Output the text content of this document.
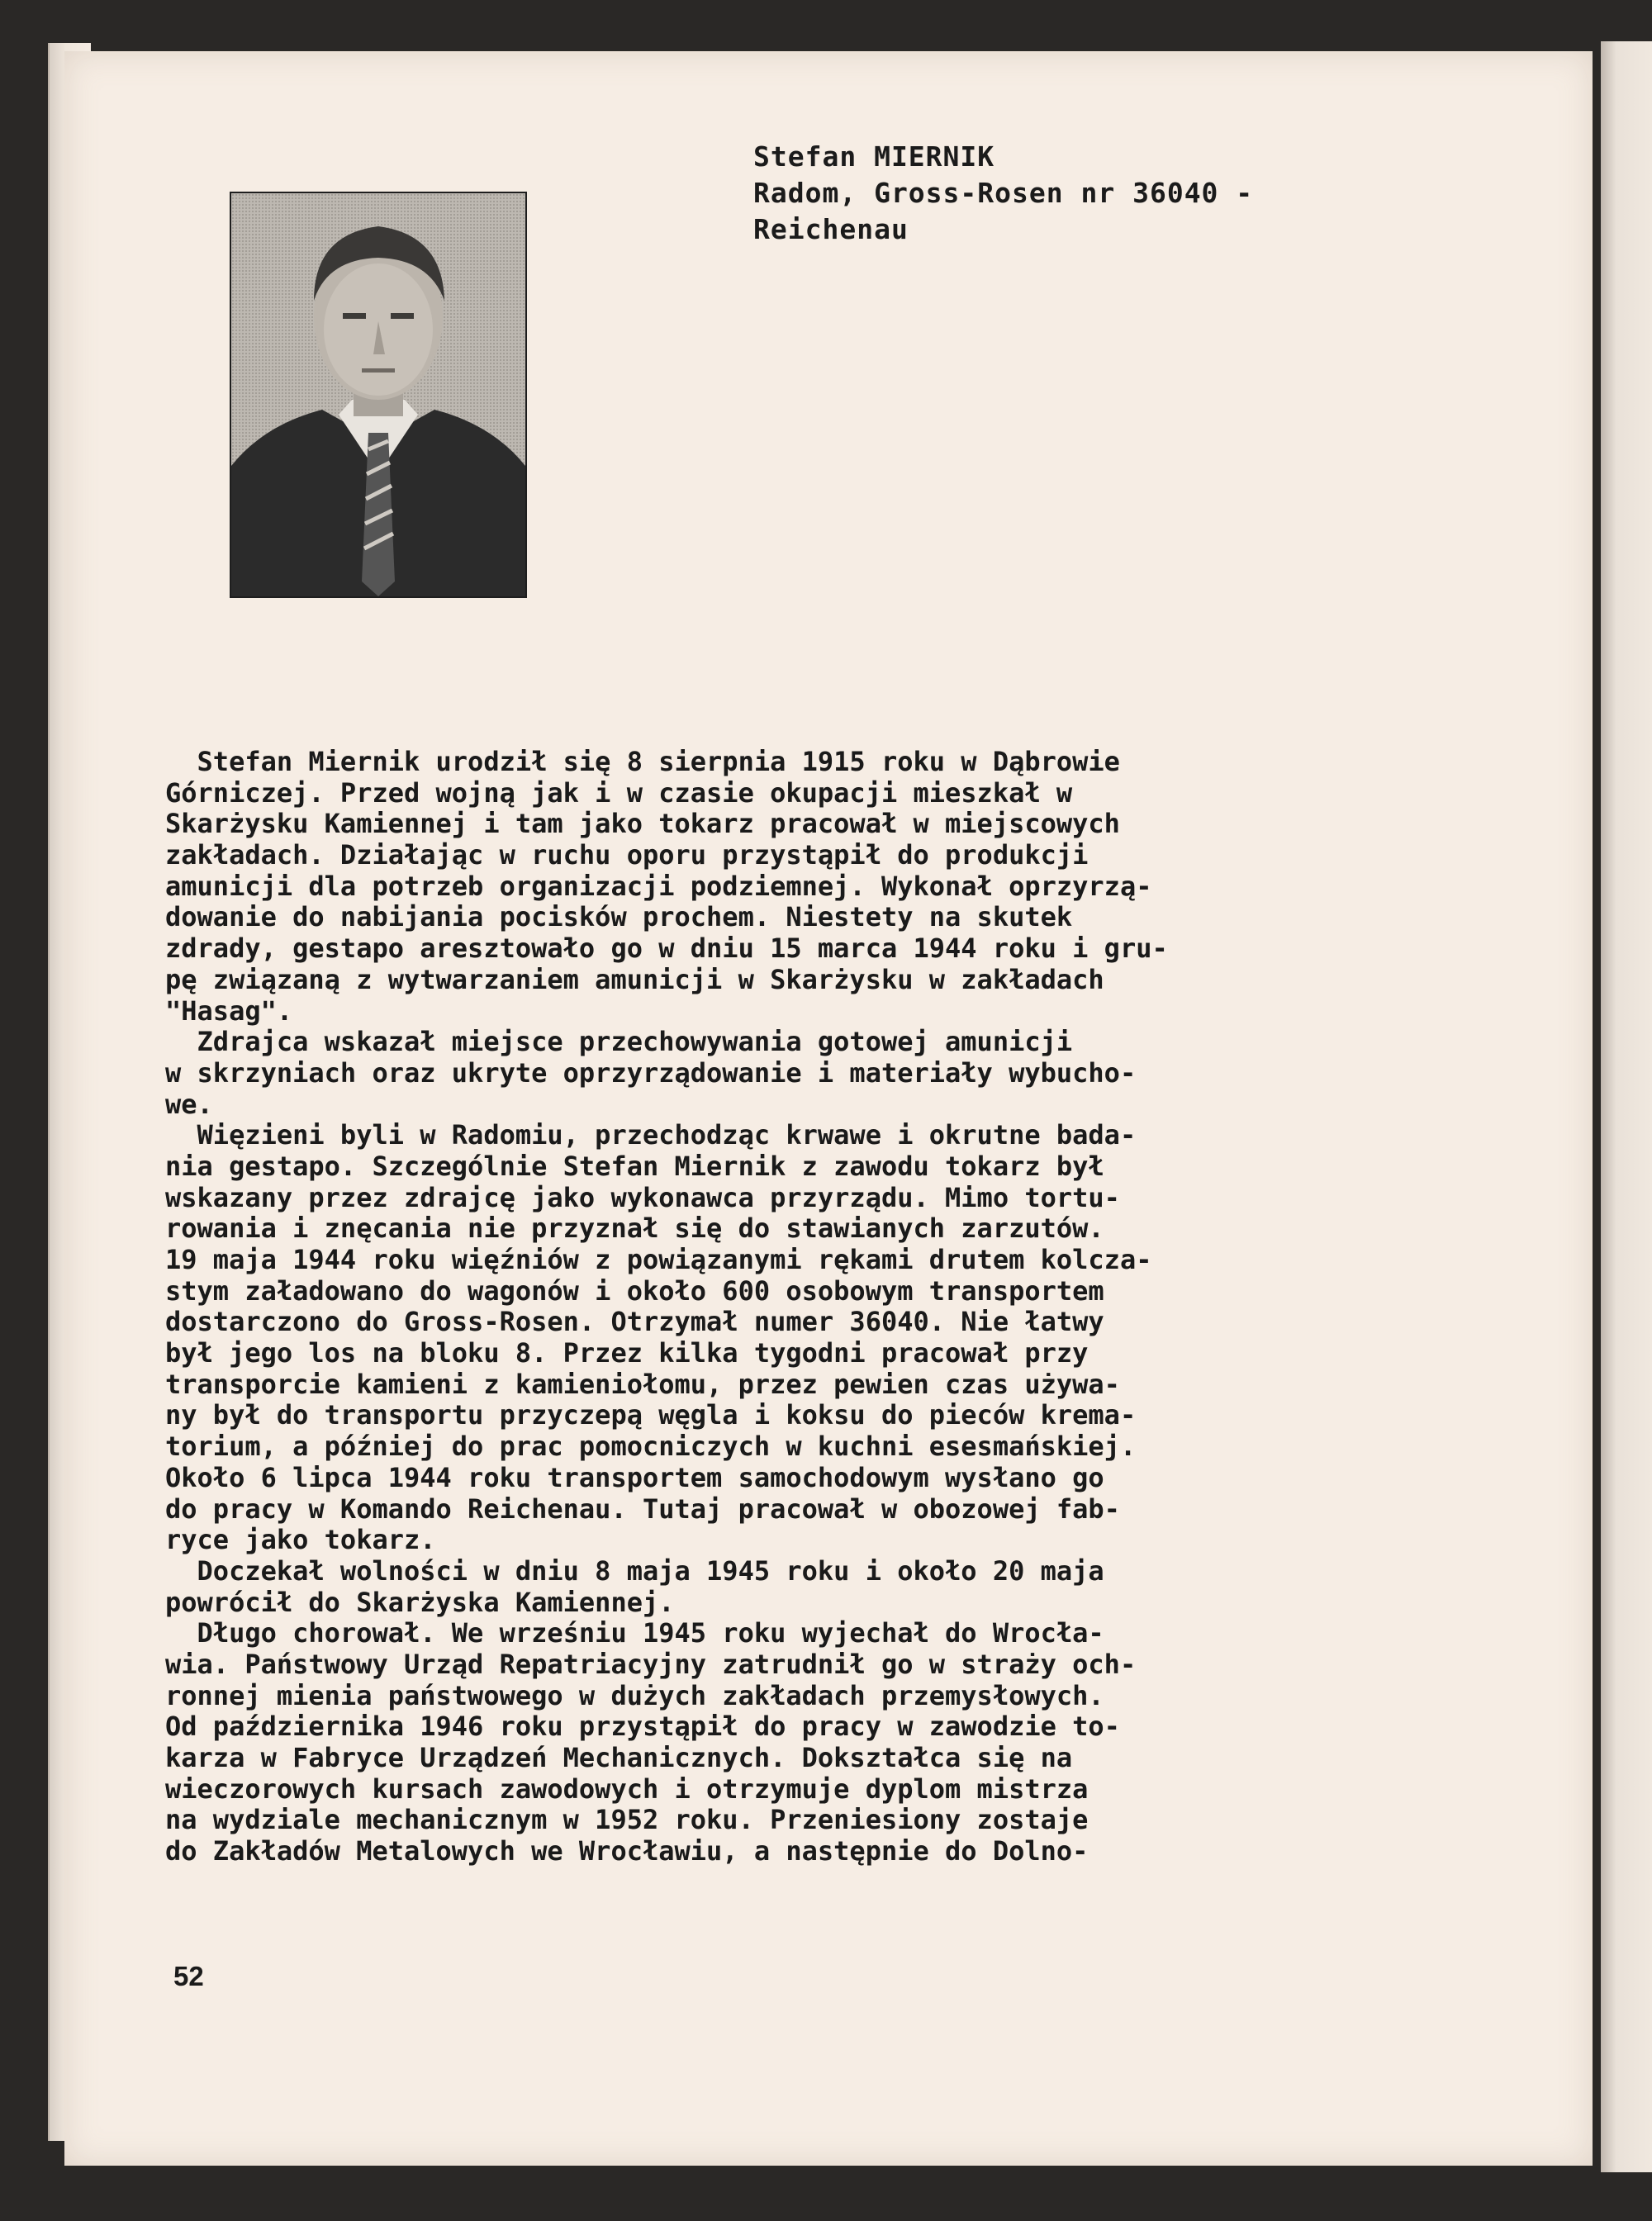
Stefan MIERNIK
Radom, Gross-Rosen nr 36040 -
Reichenau
Stefan Miernik urodził się 8 sierpnia 1915 roku w Dąbrowie
Górniczej. Przed wojną jak i w czasie okupacji mieszkał w
Skarżysku Kamiennej i tam jako tokarz pracował w miejscowych
zakładach. Działając w ruchu oporu przystąpił do produkcji
amunicji dla potrzeb organizacji podziemnej. Wykonał oprzyrzą-
dowanie do nabijania pocisków prochem. Niestety na skutek
zdrady, gestapo aresztowało go w dniu 15 marca 1944 roku i gru-
pę związaną z wytwarzaniem amunicji w Skarżysku w zakładach
"Hasag".
Zdrajca wskazał miejsce przechowywania gotowej amunicji
w skrzyniach oraz ukryte oprzyrządowanie i materiały wybucho-
we.
Więzieni byli w Radomiu, przechodząc krwawe i okrutne bada-
nia gestapo. Szczególnie Stefan Miernik z zawodu tokarz był
wskazany przez zdrajcę jako wykonawca przyrządu. Mimo tortu-
rowania i znęcania nie przyznał się do stawianych zarzutów.
19 maja 1944 roku więźniów z powiązanymi rękami drutem kolcza-
stym załadowano do wagonów i około 600 osobowym transportem
dostarczono do Gross-Rosen. Otrzymał numer 36040. Nie łatwy
był jego los na bloku 8. Przez kilka tygodni pracował przy
transporcie kamieni z kamieniołomu, przez pewien czas używa-
ny był do transportu przyczepą węgla i koksu do pieców krema-
torium, a później do prac pomocniczych w kuchni esesmańskiej.
Około 6 lipca 1944 roku transportem samochodowym wysłano go
do pracy w Komando Reichenau. Tutaj pracował w obozowej fab-
ryce jako tokarz.
Doczekał wolności w dniu 8 maja 1945 roku i około 20 maja
powrócił do Skarżyska Kamiennej.
Długo chorował. We wrześniu 1945 roku wyjechał do Wrocła-
wia. Państwowy Urząd Repatriacyjny zatrudnił go w straży och-
ronnej mienia państwowego w dużych zakładach przemysłowych.
Od października 1946 roku przystąpił do pracy w zawodzie to-
karza w Fabryce Urządzeń Mechanicznych. Dokształca się na
wieczorowych kursach zawodowych i otrzymuje dyplom mistrza
na wydziale mechanicznym w 1952 roku. Przeniesiony zostaje
do Zakładów Metalowych we Wrocławiu, a następnie do Dolno-
52
